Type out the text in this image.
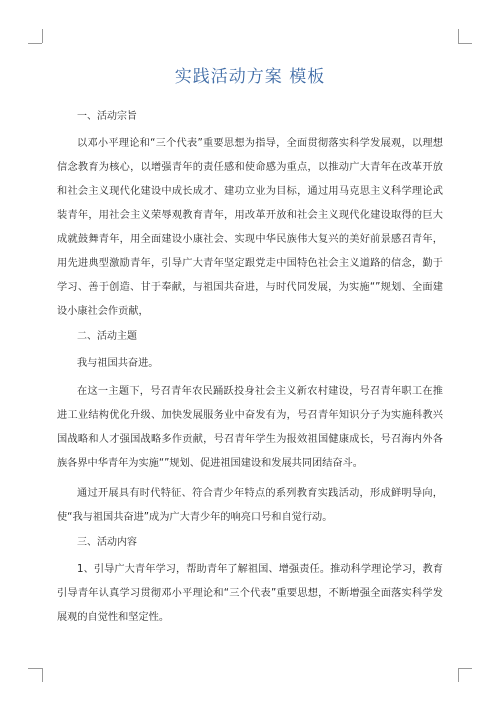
实践活动方案 模板
一、活动宗旨

以邓小平理论和“三个代表”重要思想为指导，全面贯彻落实科学发展观，以理想信念教育为核心，以增强青年的责任感和使命感为重点，以推动广大青年在改革开放和社会主义现代化建设中成长成才、建功立业为目标，通过用马克思主义科学理论武装青年，用社会主义荣辱观教育青年，用改革开放和社会主义现代化建设取得的巨大成就鼓舞青年，用全面建设小康社会、实现中华民族伟大复兴的美好前景感召青年，用先进典型激励青年，引导广大青年坚定跟党走中国特色社会主义道路的信念，勤于学习、善于创造、甘于奉献，与祖国共奋进，与时代同发展，为实施“”规划、全面建设小康社会作贡献，

二、活动主题

我与祖国共奋进。

在这一主题下，号召青年农民踊跃投身社会主义新农村建设，号召青年职工在推进工业结构优化升级、加快发展服务业中奋发有为，号召青年知识分子为实施科教兴国战略和人才强国战略多作贡献，号召青年学生为报效祖国健康成长，号召海内外各族各界中华青年为实施“”规划、促进祖国建设和发展共同团结奋斗。

通过开展具有时代特征、符合青少年特点的系列教育实践活动，形成鲜明导向，使“我与祖国共奋进”成为广大青少年的响亮口号和自觉行动。

三、活动内容

1、引导广大青年学习，帮助青年了解祖国、增强责任。推动科学理论学习，教育引导青年认真学习贯彻邓小平理论和“三个代表”重要思想，不断增强全面落实科学发展观的自觉性和坚定性。
